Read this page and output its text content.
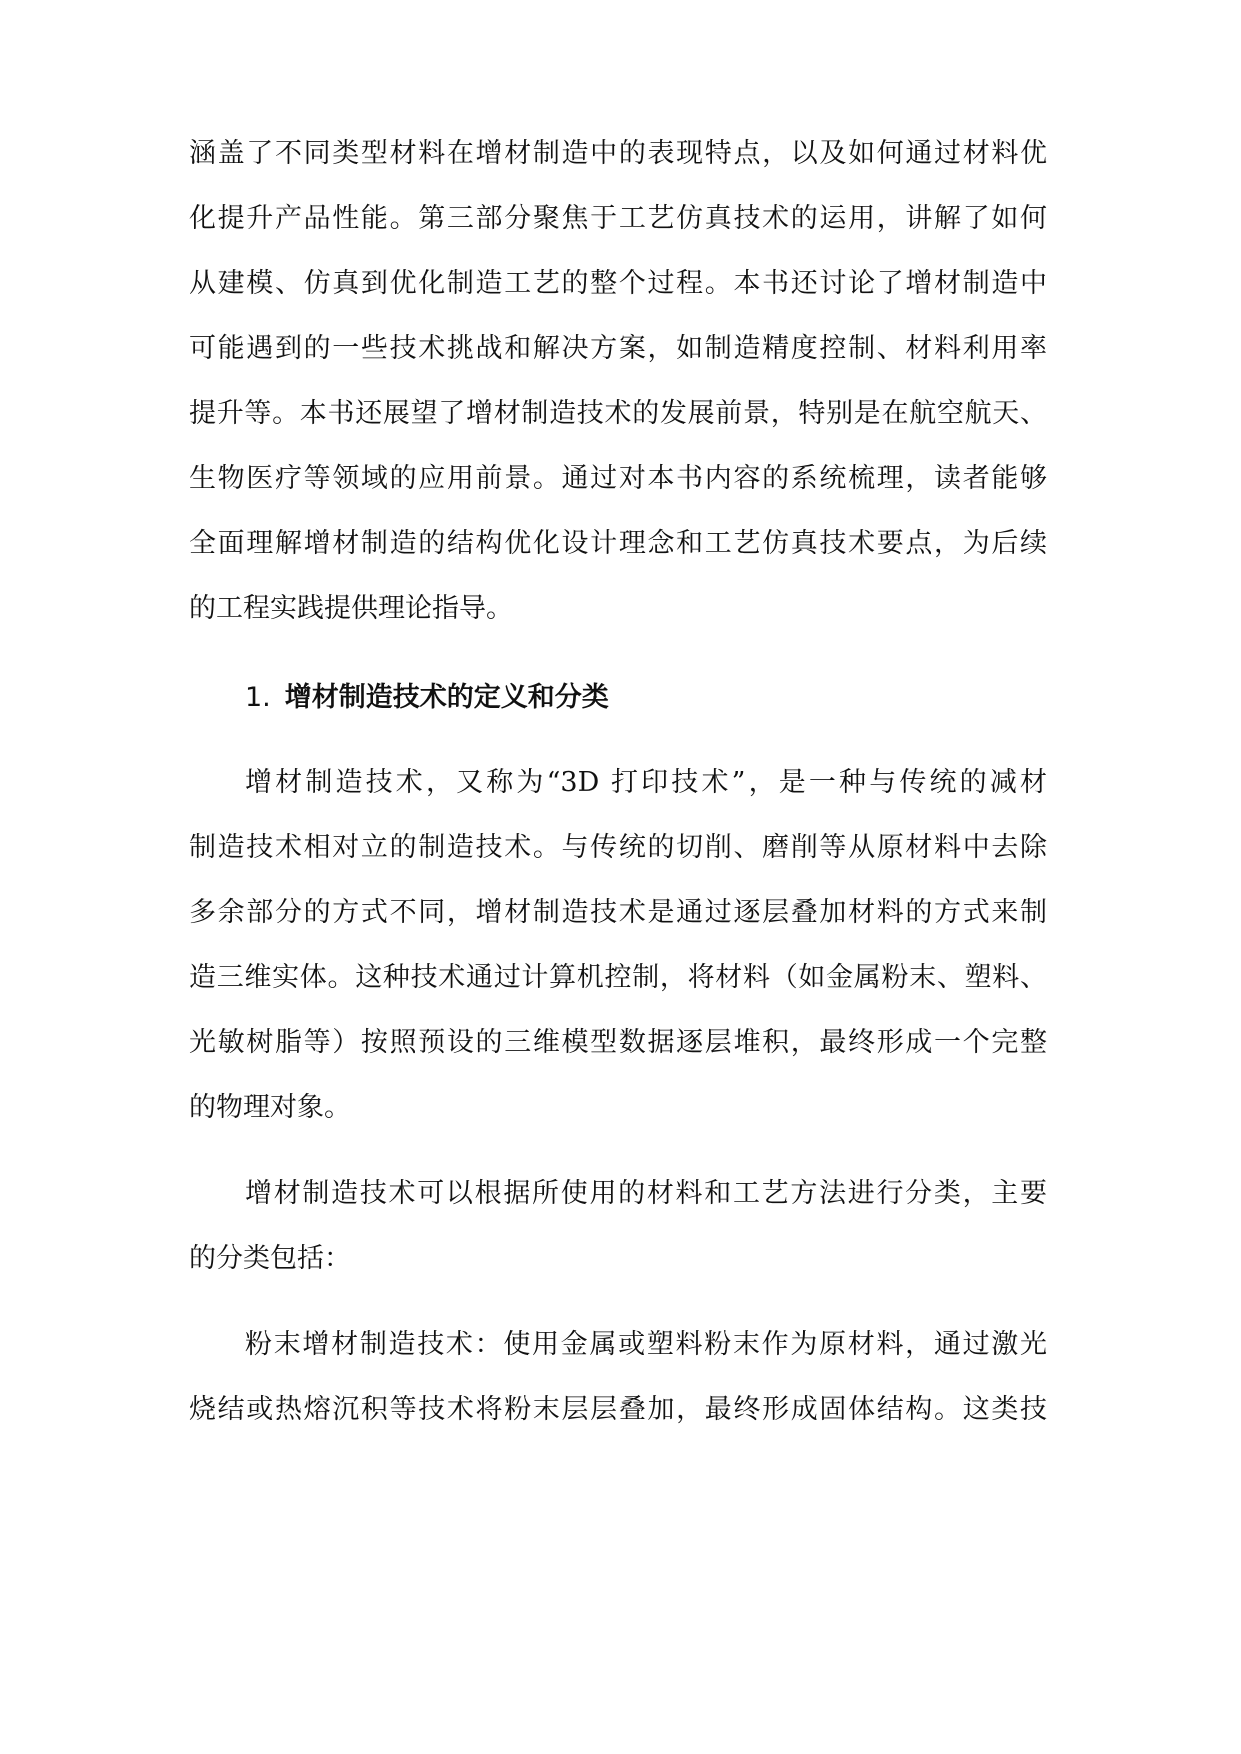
涵盖了不同类型材料在增材制造中的表现特点，以及如何通过材料优
化提升产品性能。第三部分聚焦于工艺仿真技术的运用，讲解了如何
从建模、仿真到优化制造工艺的整个过程。本书还讨论了增材制造中
可能遇到的一些技术挑战和解决方案，如制造精度控制、材料利用率
提升等。本书还展望了增材制造技术的发展前景，特别是在航空航天、
生物医疗等领域的应用前景。通过对本书内容的系统梳理，读者能够
全面理解增材制造的结构优化设计理念和工艺仿真技术要点，为后续
的工程实践提供理论指导。
1. 增材制造技术的定义和分类
增材制造技术，又称为“3D 打印技术”，是一种与传统的减材
制造技术相对立的制造技术。与传统的切削、磨削等从原材料中去除
多余部分的方式不同，增材制造技术是通过逐层叠加材料的方式来制
造三维实体。这种技术通过计算机控制，将材料（如金属粉末、塑料、
光敏树脂等）按照预设的三维模型数据逐层堆积，最终形成一个完整
的物理对象。
增材制造技术可以根据所使用的材料和工艺方法进行分类，主要
的分类包括：
粉末增材制造技术：使用金属或塑料粉末作为原材料，通过激光
烧结或热熔沉积等技术将粉末层层叠加，最终形成固体结构。这类技
